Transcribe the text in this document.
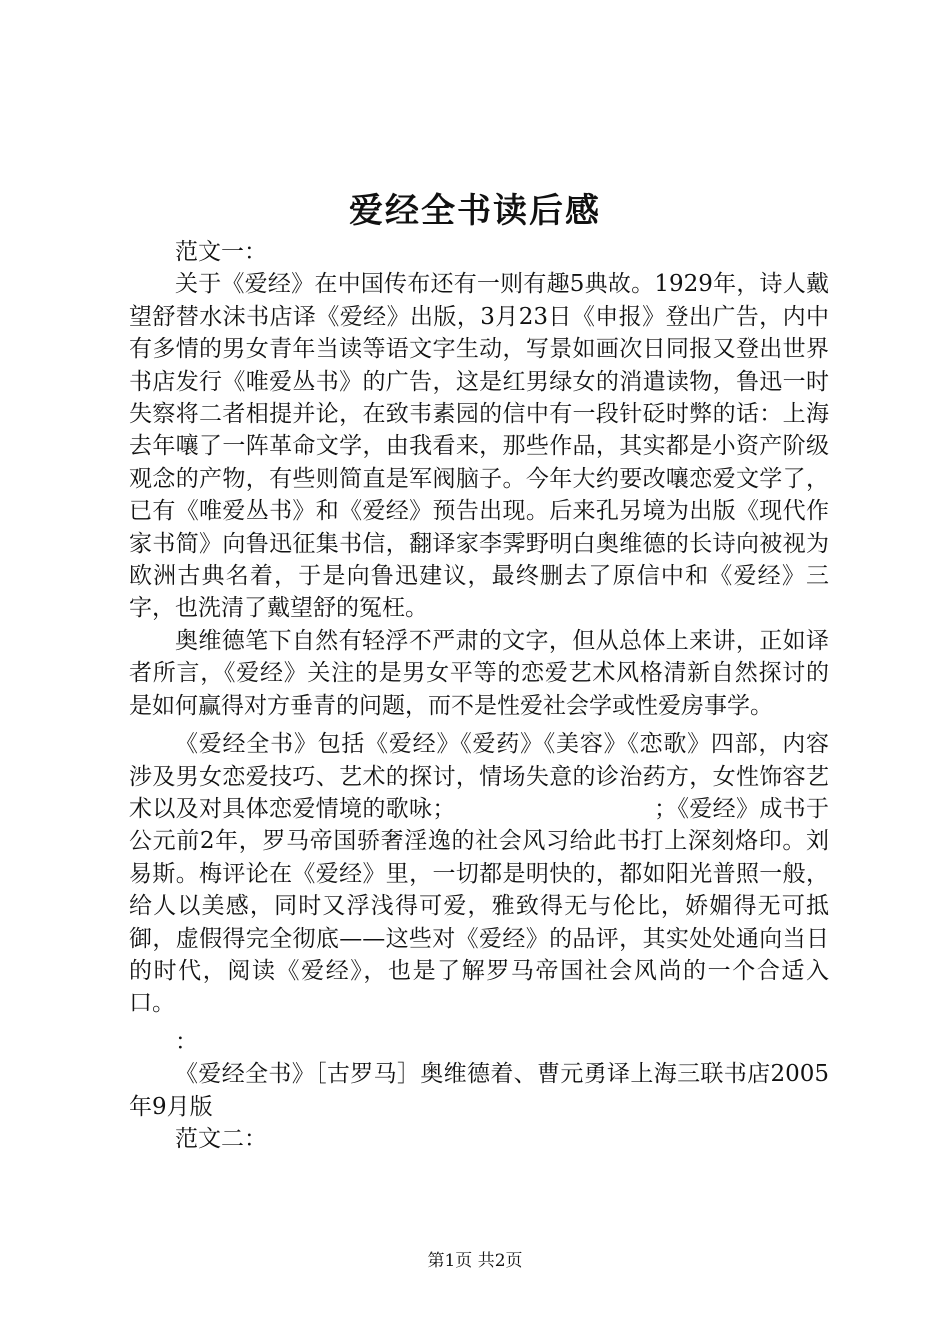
爱经全书读后感

范文一：

关于《爱经》在中国传布还有一则有趣5典故。1929年，诗人戴望舒替水沫书店译《爱经》出版，3月23日《申报》登出广告，内中有多情的男女青年当读等语文字生动，写景如画次日同报又登出世界书店发行《唯爱丛书》的广告，这是红男绿女的消遣读物，鲁迅一时失察将二者相提并论，在致韦素园的信中有一段针砭时弊的话：上海去年嚷了一阵革命文学，由我看来，那些作品，其实都是小资产阶级观念的产物，有些则简直是军阀脑子。今年大约要改嚷恋爱文学了，已有《唯爱丛书》和《爱经》预告出现。后来孔另境为出版《现代作家书简》向鲁迅征集书信，翻译家李霁野明白奥维德的长诗向被视为欧洲古典名着，于是向鲁迅建议，最终删去了原信中和《爱经》三字，也洗清了戴望舒的冤枉。

奥维德笔下自然有轻浮不严肃的文字，但从总体上来讲，正如译者所言，《爱经》关注的是男女平等的恋爱艺术风格清新自然探讨的是如何赢得对方垂青的问题，而不是性爱社会学或性爱房事学。

《爱经全书》包括《爱经》《爱药》《美容》《恋歌》四部，内容涉及男女恋爱技巧、艺术的探讨，情场失意的诊治药方，女性饰容艺术以及对具体恋爱情境的歌咏；　　　　　　　　　；《爱经》成书于公元前2年，罗马帝国骄奢淫逸的社会风习给此书打上深刻烙印。刘易斯。梅评论在《爱经》里，一切都是明快的，都如阳光普照一般，给人以美感，同时又浮浅得可爱，雅致得无与伦比，娇媚得无可抵御，虚假得完全彻底——这些对《爱经》的品评，其实处处通向当日的时代，阅读《爱经》，也是了解罗马帝国社会风尚的一个合适入口。

：

《爱经全书》［古罗马］奥维德着、曹元勇译上海三联书店2005年9月版

范文二：

第1页 共2页
